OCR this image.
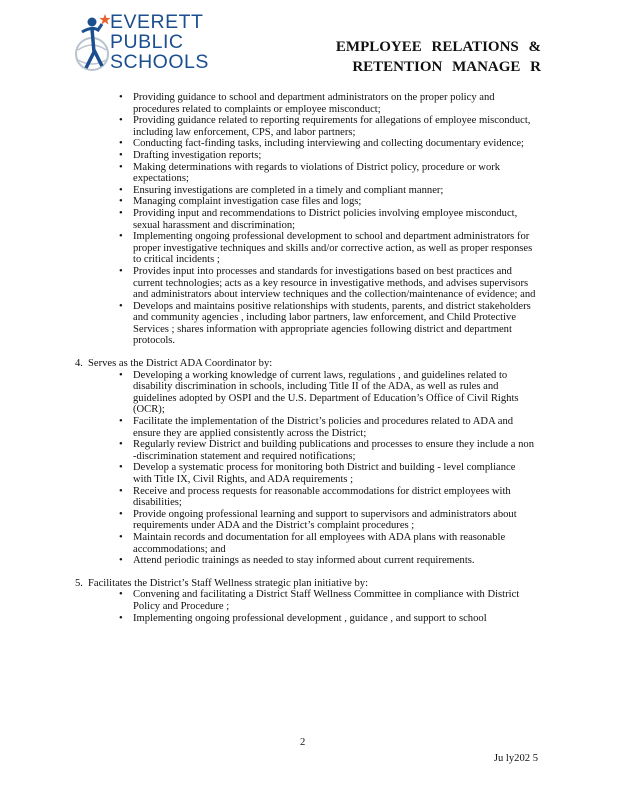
EVERETT
PUBLIC
SCHOOLS
EMPLOYEE RELATIONS &
RETENTION MANAGE R
• Providing guidance to school and department administrators on the proper policy and procedures related to complaints or employee misconduct;
• Providing guidance related to reporting requirements for allegations of employee misconduct, including law enforcement, CPS, and labor partners;
• Conducting fact-finding tasks, including interviewing and collecting documentary evidence;
• Drafting investigation reports;
• Making determinations with regards to violations of District policy, procedure or work expectations;
• Ensuring investigations are completed in a timely and compliant manner;
• Managing complaint investigation case files and logs;
• Providing input and recommendations to District policies involving employee misconduct, sexual harassment and discrimination;
• Implementing ongoing professional development to school and department administrators for proper investigative techniques and skills and/or corrective action, as well as proper responses to critical incidents ;
• Provides input into processes and standards for investigations based on best practices and current technologies; acts as a key resource in investigative methods, and advises supervisors and administrators about interview techniques and the collection/maintenance of evidence; and
• Develops and maintains positive relationships with students, parents, and district stakeholders and community agencies , including labor partners, law enforcement, and Child Protective Services ; shares information with appropriate agencies following district and department protocols.
4. Serves as the District ADA Coordinator by:
• Developing a working knowledge of current laws, regulations , and guidelines related to disability discrimination in schools, including Title II of the ADA, as well as rules and guidelines adopted by OSPI and the U.S. Department of Education’s Office of Civil Rights (OCR);
• Facilitate the implementation of the District’s policies and procedures related to ADA and ensure they are applied consistently across the District;
• Regularly review District and building publications and processes to ensure they include a non -discrimination statement and required notifications;
• Develop a systematic process for monitoring both District and building - level compliance with Title IX, Civil Rights, and ADA requirements ;
• Receive and process requests for reasonable accommodations for district employees with disabilities;
• Provide ongoing professional learning and support to supervisors and administrators about requirements under ADA and the District’s complaint procedures ;
• Maintain records and documentation for all employees with ADA plans with reasonable accommodations; and
• Attend periodic trainings as needed to stay informed about current requirements.
5. Facilitates the District’s Staff Wellness strategic plan initiative by:
• Convening and facilitating a District Staff Wellness Committee in compliance with District Policy and Procedure ;
• Implementing ongoing professional development , guidance , and support to school
2
Ju ly202 5
